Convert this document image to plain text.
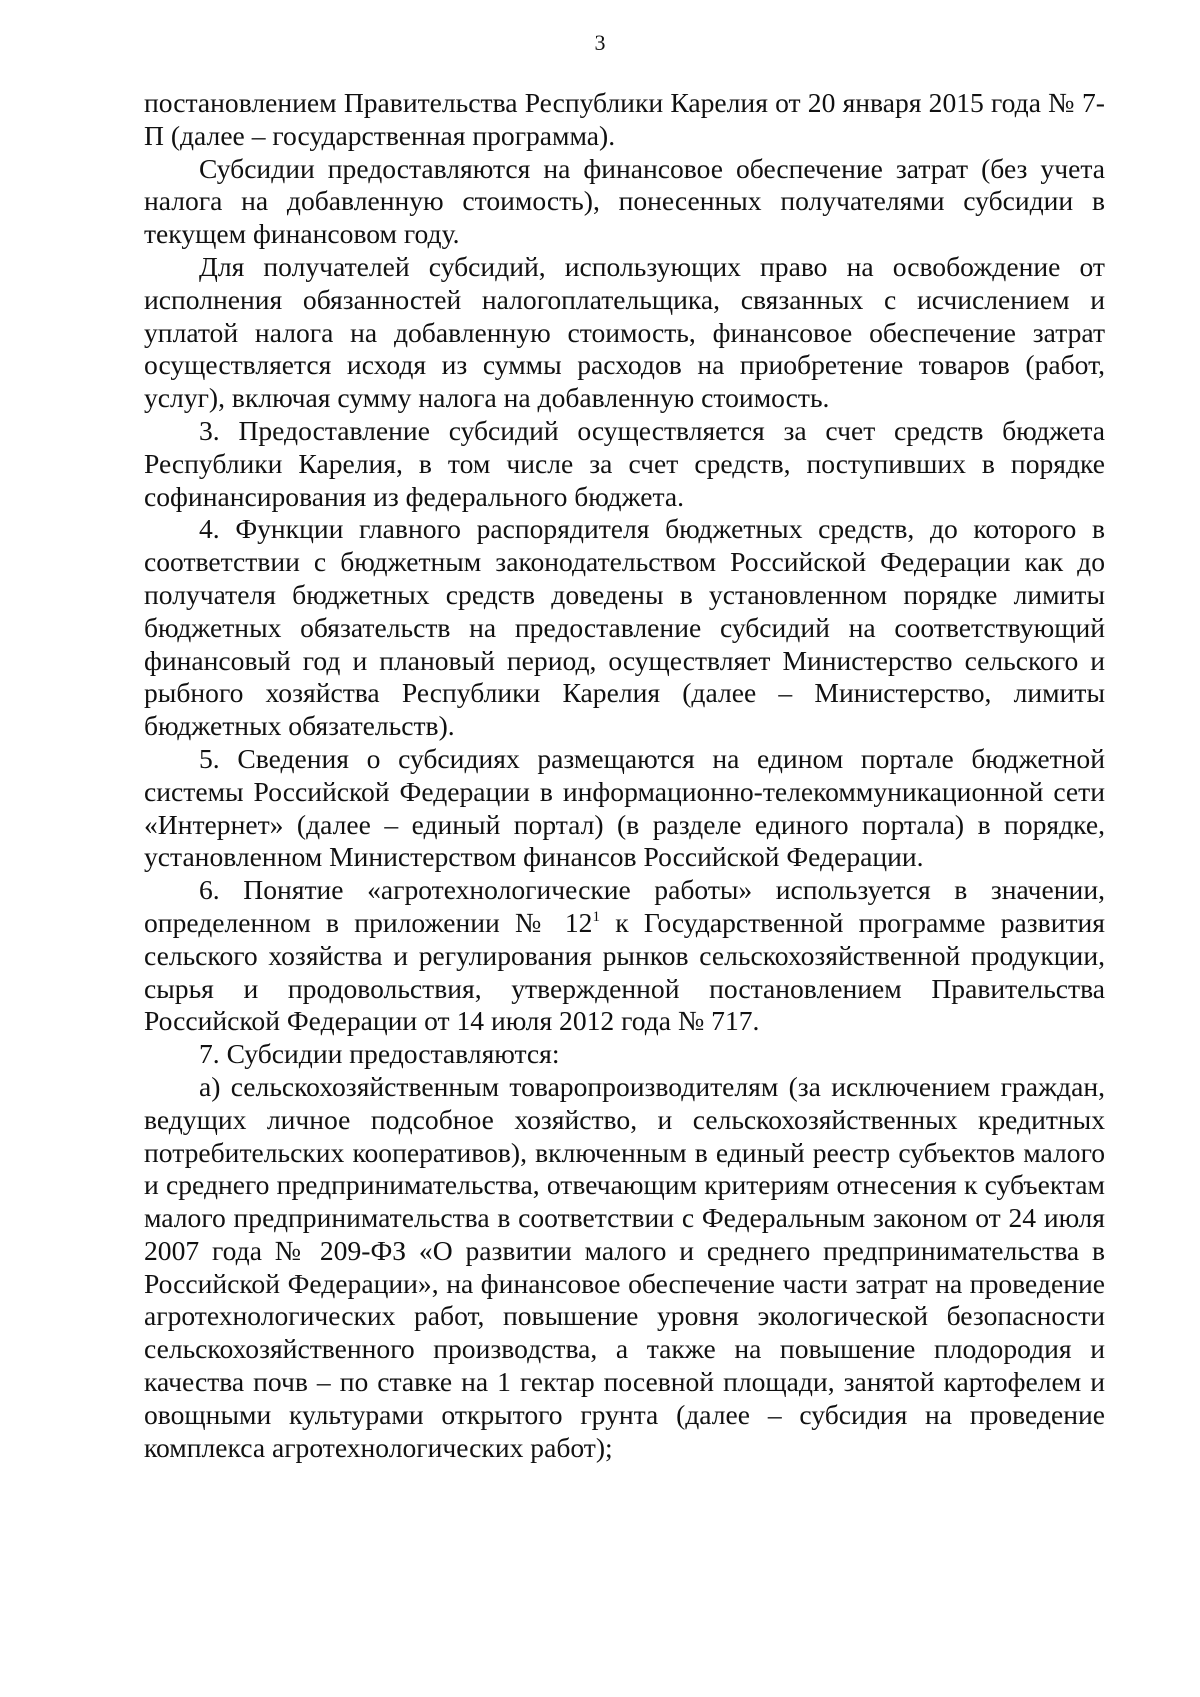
3

постановлением Правительства Республики Карелия от 20 января 2015 года № 7-П (далее – государственная программа).

Субсидии предоставляются на финансовое обеспечение затрат (без учета налога на добавленную стоимость), понесенных получателями субсидии в текущем финансовом году.

Для получателей субсидий, использующих право на освобождение от исполнения обязанностей налогоплательщика, связанных с исчислением и уплатой налога на добавленную стоимость, финансовое обеспечение затрат осуществляется исходя из суммы расходов на приобретение товаров (работ, услуг), включая сумму налога на добавленную стоимость.

3. Предоставление субсидий осуществляется за счет средств бюджета Республики Карелия, в том числе за счет средств, поступивших в порядке софинансирования из федерального бюджета.

4. Функции главного распорядителя бюджетных средств, до которого в соответствии с бюджетным законодательством Российской Федерации как до получателя бюджетных средств доведены в установленном порядке лимиты бюджетных обязательств на предоставление субсидий на соответствующий финансовый год и плановый период, осуществляет Министерство сельского и рыбного хозяйства Республики Карелия (далее – Министерство, лимиты бюджетных обязательств).

5. Сведения о субсидиях размещаются на едином портале бюджетной системы Российской Федерации в информационно-телекоммуникационной сети «Интернет» (далее – единый портал) (в разделе единого портала) в порядке, установленном Министерством финансов Российской Федерации.

6. Понятие «агротехнологические работы» используется в значении, определенном в приложении № $12^1$ к Государственной программе развития сельского хозяйства и регулирования рынков сельскохозяйственной продукции, сырья и продовольствия, утвержденной постановлением Правительства Российской Федерации от 14 июля 2012 года № 717.

7. Субсидии предоставляются:

а) сельскохозяйственным товаропроизводителям (за исключением граждан, ведущих личное подсобное хозяйство, и сельскохозяйственных кредитных потребительских кооперативов), включенным в единый реестр субъектов малого и среднего предпринимательства, отвечающим критериям отнесения к субъектам малого предпринимательства в соответствии с Федеральным законом от 24 июля 2007 года № 209-ФЗ «О развитии малого и среднего предпринимательства в Российской Федерации», на финансовое обеспечение части затрат на проведение агротехнологических работ, повышение уровня экологической безопасности сельскохозяйственного производства, а также на повышение плодородия и качества почв – по ставке на 1 гектар посевной площади, занятой картофелем и овощными культурами открытого грунта (далее – субсидия на проведение комплекса агротехнологических работ);
